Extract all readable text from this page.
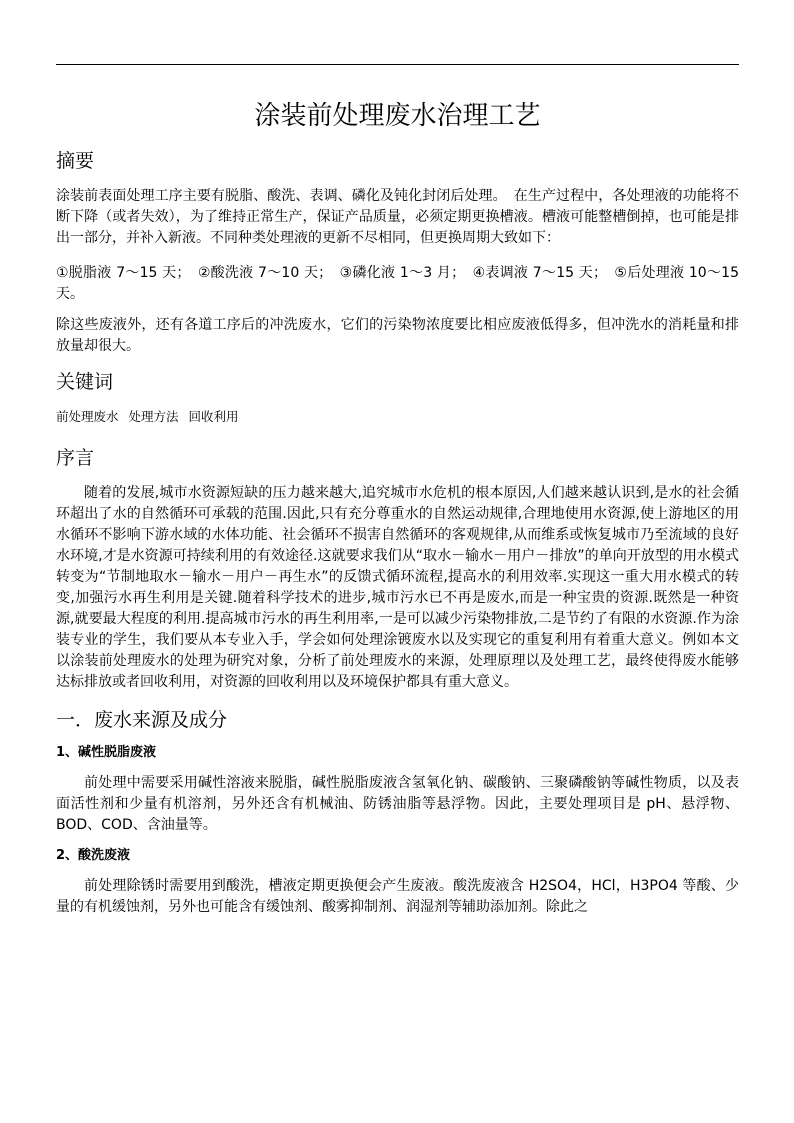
涂装前处理废水治理工艺
摘要

涂装前表面处理工序主要有脱脂、酸洗、表调、磷化及钝化封闭后处理。　在生产过程中，各处理液的功能将不断下降（或者失效），为了维持正常生产，保证产品质量，必须定期更换槽液。槽液可能整槽倒掉，也可能是排出一部分，并补入新液。不同种类处理液的更新不尽相同，但更换周期大致如下：

①脱脂液 7～15 天；　②酸洗液 7～10 天；　③磷化液 1～3 月；　④表调液 7～15 天；　⑤后处理液 10～15 天。

除这些废液外，还有各道工序后的冲洗废水，它们的污染物浓度要比相应废液低得多，但冲洗水的消耗量和排放量却很大。

关键词

前处理废水 处理方法 回收利用

序言

随着的发展,城市水资源短缺的压力越来越大,追究城市水危机的根本原因,人们越来越认识到,是水的社会循环超出了水的自然循环可承载的范围.因此,只有充分尊重水的自然运动规律,合理地使用水资源,使上游地区的用水循环不影响下游水域的水体功能、社会循环不损害自然循环的客观规律,从而维系或恢复城市乃至流域的良好水环境,才是水资源可持续利用的有效途径.这就要求我们从“取水－输水－用户－排放”的单向开放型的用水模式转变为“节制地取水－输水－用户－再生水”的反馈式循环流程,提高水的利用效率.实现这一重大用水模式的转变,加强污水再生利用是关键.随着科学技术的进步,城市污水已不再是废水,而是一种宝贵的资源.既然是一种资源,就要最大程度的利用.提高城市污水的再生利用率,一是可以减少污染物排放,二是节约了有限的水资源.作为涂装专业的学生，我们要从本专业入手，学会如何处理涂镀废水以及实现它的重复利用有着重大意义。例如本文以涂装前处理废水的处理为研究对象，分析了前处理废水的来源，处理原理以及处理工艺，最终使得废水能够达标排放或者回收利用，对资源的回收利用以及环境保护都具有重大意义。

一．废水来源及成分
1、碱性脱脂废液

前处理中需要采用碱性溶液来脱脂，碱性脱脂废液含氢氧化钠、碳酸钠、三聚磷酸钠等碱性物质，以及表面活性剂和少量有机溶剂，另外还含有机械油、防锈油脂等悬浮物。因此，主要处理项目是 pH、悬浮物、BOD、COD、含油量等。

2、酸洗废液

前处理除锈时需要用到酸洗，槽液定期更换便会产生废液。酸洗废液含 H2SO4，HCl，H3PO4 等酸、少量的有机缓蚀剂，另外也可能含有缓蚀剂、酸雾抑制剂、润湿剂等辅助添加剂。除此之
